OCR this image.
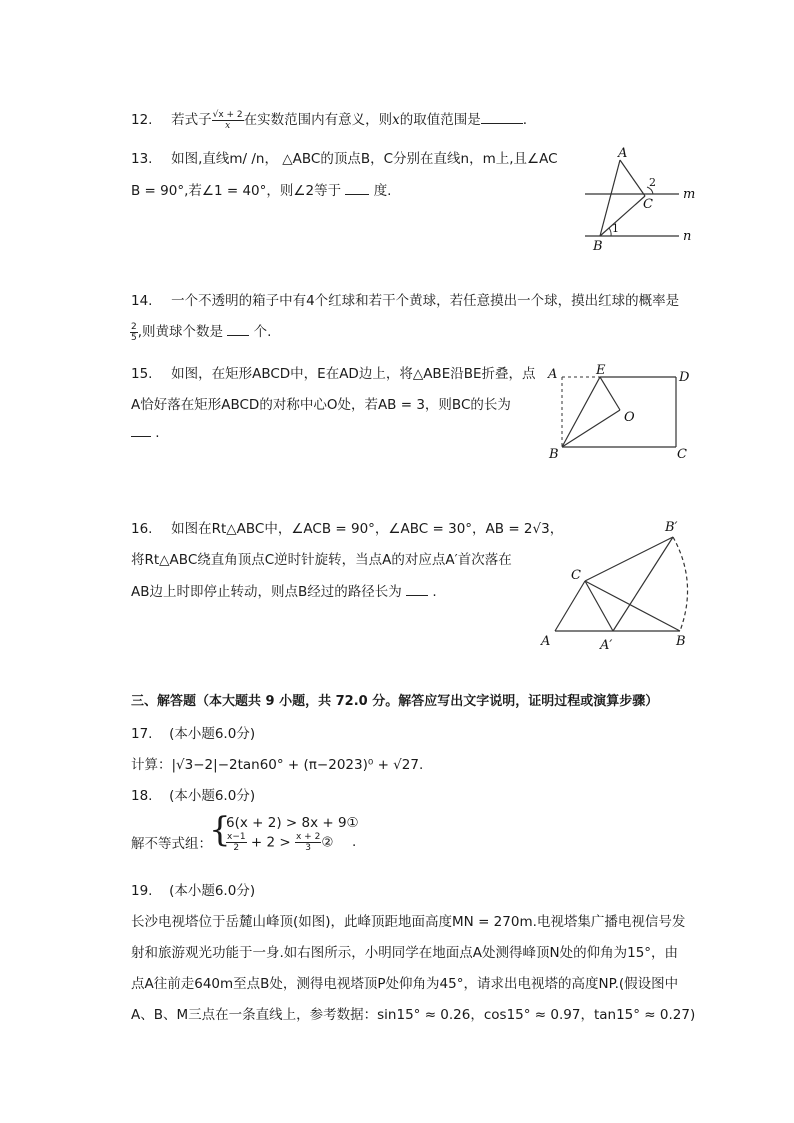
12. 若式子 $\frac{√x + 2}{x}$ 在实数范围内有意义，则x的取值范围是	.
13. 如图,直线m/ /n， △ABC的顶点B，C分别在直线n，m上,且∠AC
B = 90°,若∠1 = 40°，则∠2等于 度.
A
B
C
m
n
1
2
14. 一个不透明的箱子中有4个红球和若干个黄球，若任意摸出一个球，摸出红球的概率是
$\frac{2}{5}$ ,则黄球个数是 个.
15. 如图，在矩形ABCD中，E在AD边上，将△ABE沿BE折叠，点
A恰好落在矩形ABCD的对称中心O处，若AB = 3，则BC的长为
.
A	E	D
O
B	C
16. 如图在Rt△ABC中，∠ACB = 90°，∠ABC = 30°，AB = 2√3，
将Rt△ABC绕直角顶点C逆时针旋转，当点A的对应点A′首次落在
AB边上时即停止转动，则点B经过的路径长为 .
C
A	A′	B
B′
三、解答题（本大题共 9 小题，共 72.0 分。解答应写出文字说明，证明过程或演算步骤）
17. (本小题6.0分)
计算：|√3−2|−2tan60° + (π−2023)⁰ + √27.
18. (本小题6.0分)
解不等式组：
{
6(x + 2) > 8x + 9①
$\frac{x-1}{2} + 2 > \frac{x + 2}{3}$ ② .
19. (本小题6.0分)
长沙电视塔位于岳麓山峰顶(如图)，此峰顶距地面高度MN = 270m.电视塔集广播电视信号发
射和旅游观光功能于一身.如右图所示，小明同学在地面点A处测得峰顶N处的仰角为15°，由
点A往前走640m至点B处，测得电视塔顶P处仰角为45°，请求出电视塔的高度NP.(假设图中
A、B、M三点在一条直线上，参考数据：sin15° ≈ 0.26，cos15° ≈ 0.97，tan15° ≈ 0.27)
